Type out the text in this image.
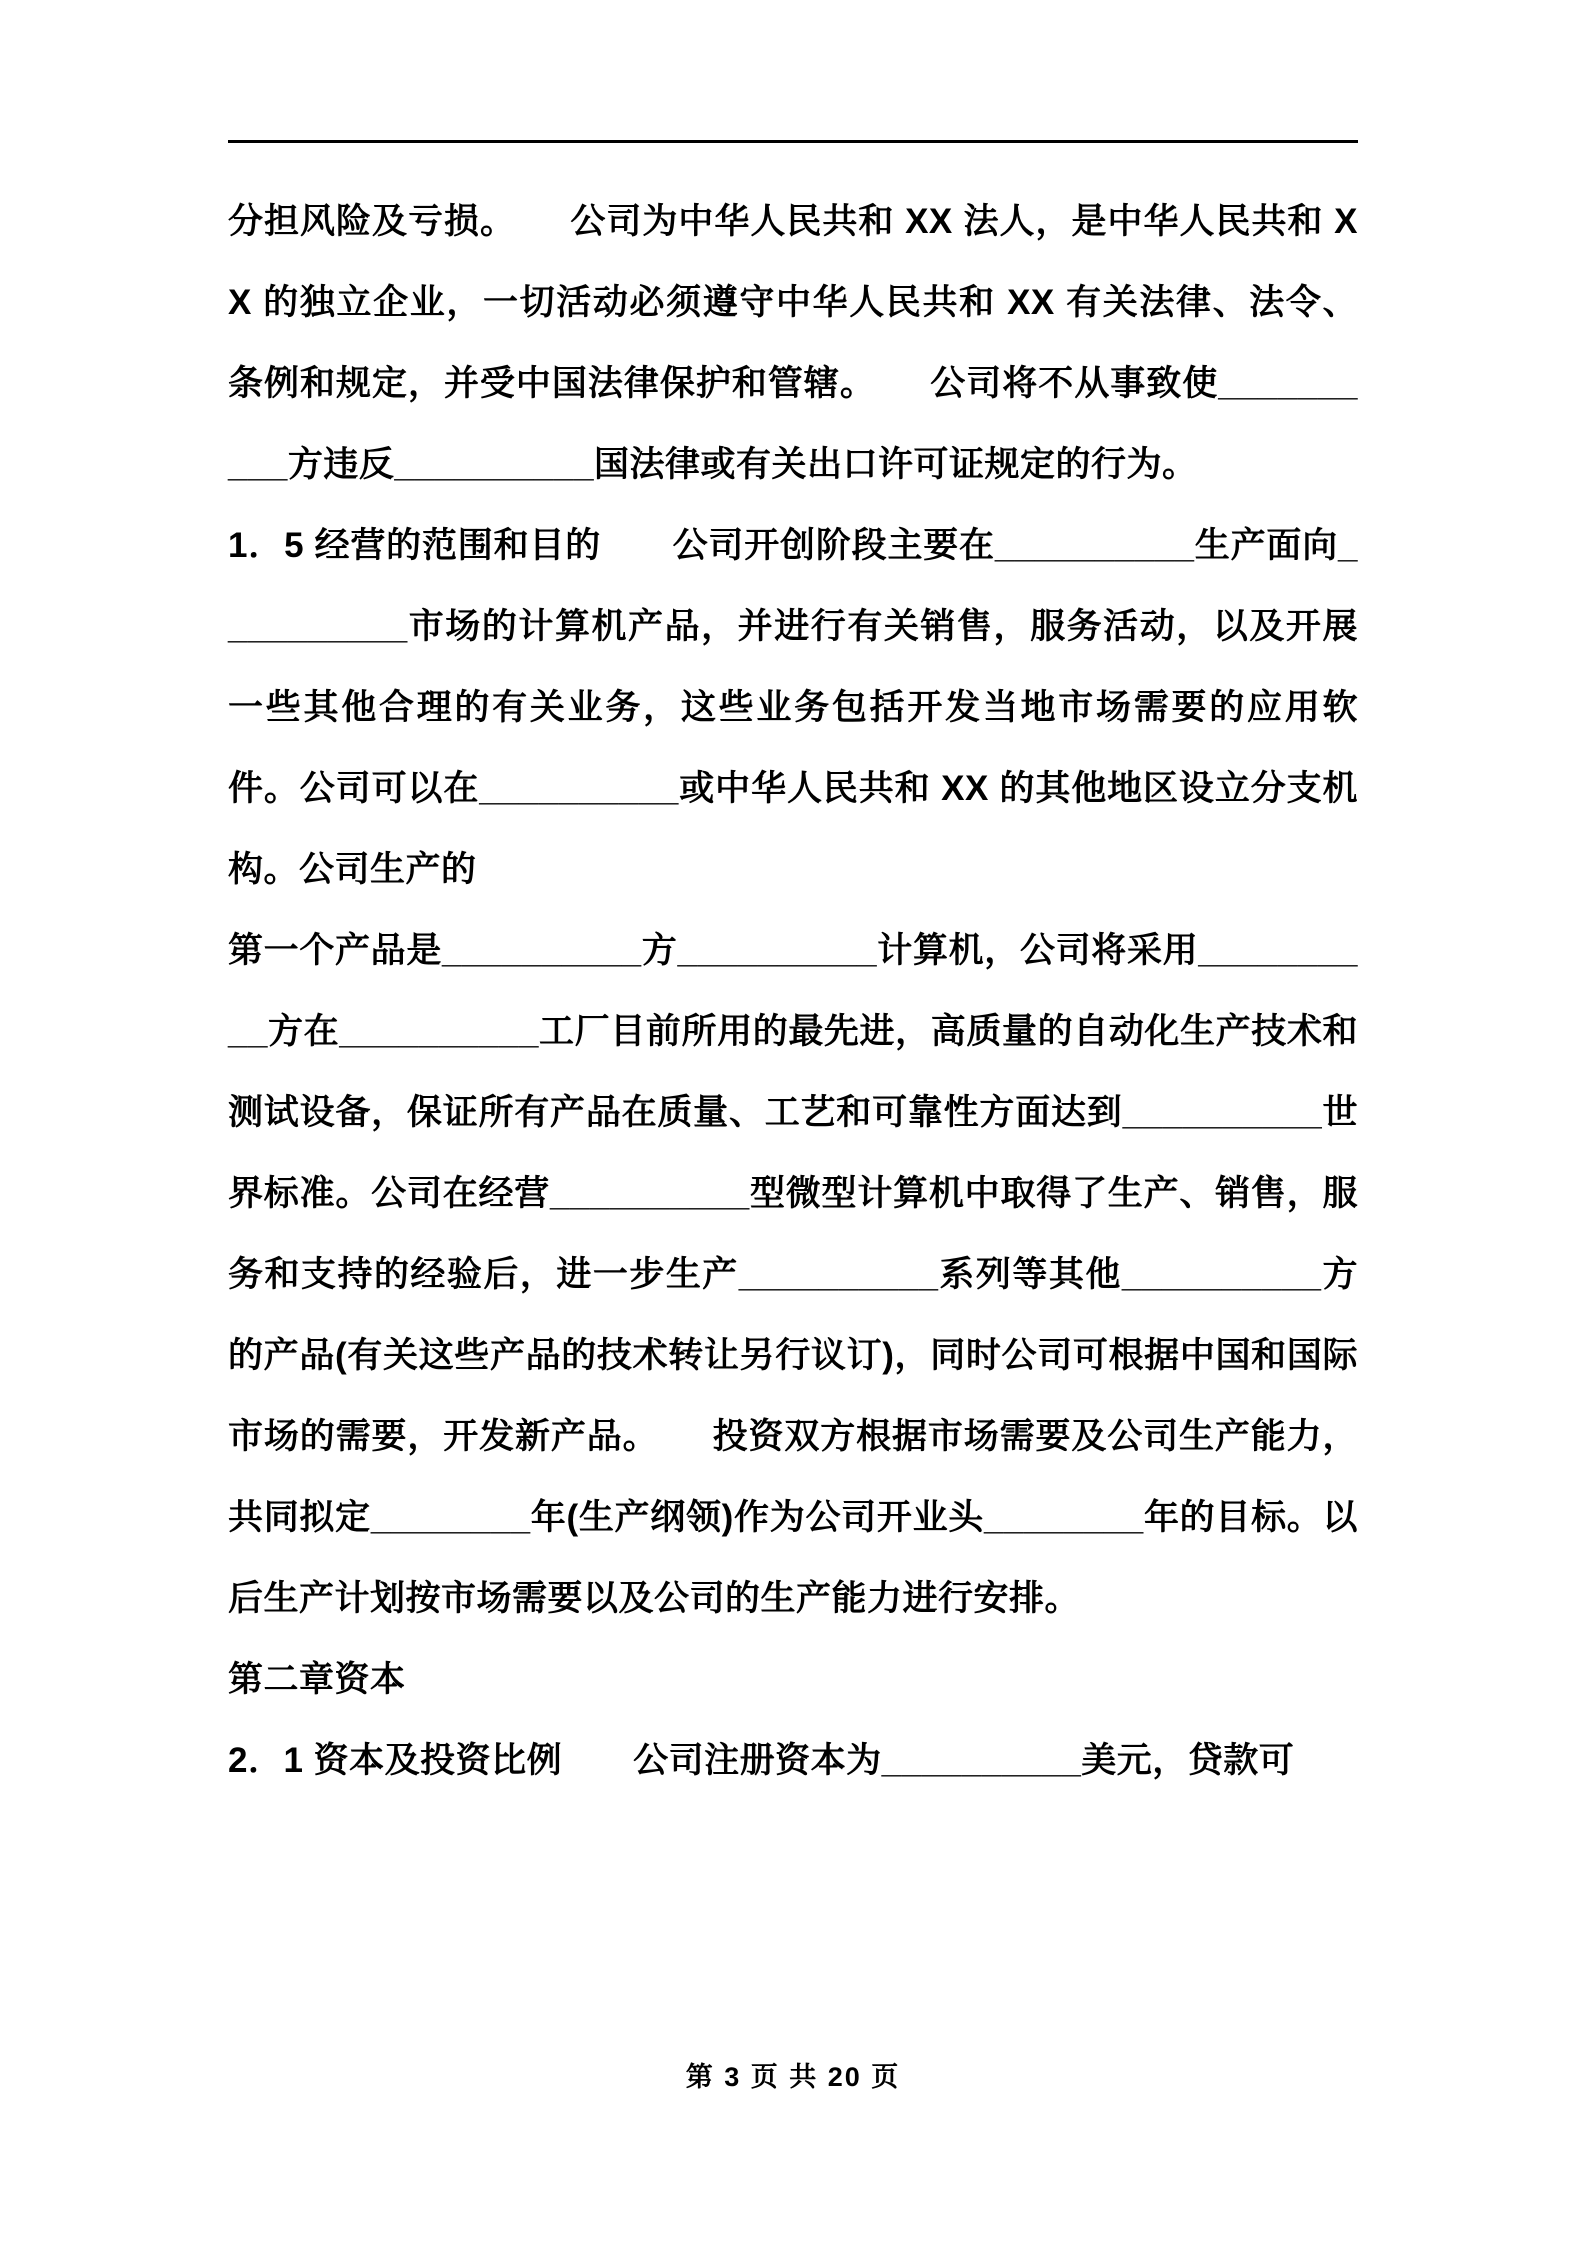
分担风险及亏损。　　公司为中华人民共和 XX 法人，是中华人民共和 XX 的独立企业，一切活动必须遵守中华人民共和 XX 有关法律、法令、条例和规定，并受中国法律保护和管辖。　　公司将不从事致使__________方违反__________国法律或有关出口许可证规定的行为。

1．5 经营的范围和目的　　公司开创阶段主要在__________生产面向__________市场的计算机产品，并进行有关销售，服务活动，以及开展一些其他合理的有关业务，这些业务包括开发当地市场需要的应用软件。公司可以在__________或中华人民共和 XX 的其他地区设立分支机构。公司生产的

第一个产品是__________方__________计算机，公司将采用__________方在__________工厂目前所用的最先进，高质量的自动化生产技术和测试设备，保证所有产品在质量、工艺和可靠性方面达到__________世界标准。公司在经营__________型微型计算机中取得了生产、销售，服务和支持的经验后，进一步生产__________系列等其他__________方的产品(有关这些产品的技术转让另行议订)，同时公司可根据中国和国际市场的需要，开发新产品。　　投资双方根据市场需要及公司生产能力，共同拟定________年(生产纲领)作为公司开业头________年的目标。以后生产计划按市场需要以及公司的生产能力进行安排。

第二章资本

2．1 资本及投资比例　　公司注册资本为__________美元，贷款可

第 3 页 共 20 页
